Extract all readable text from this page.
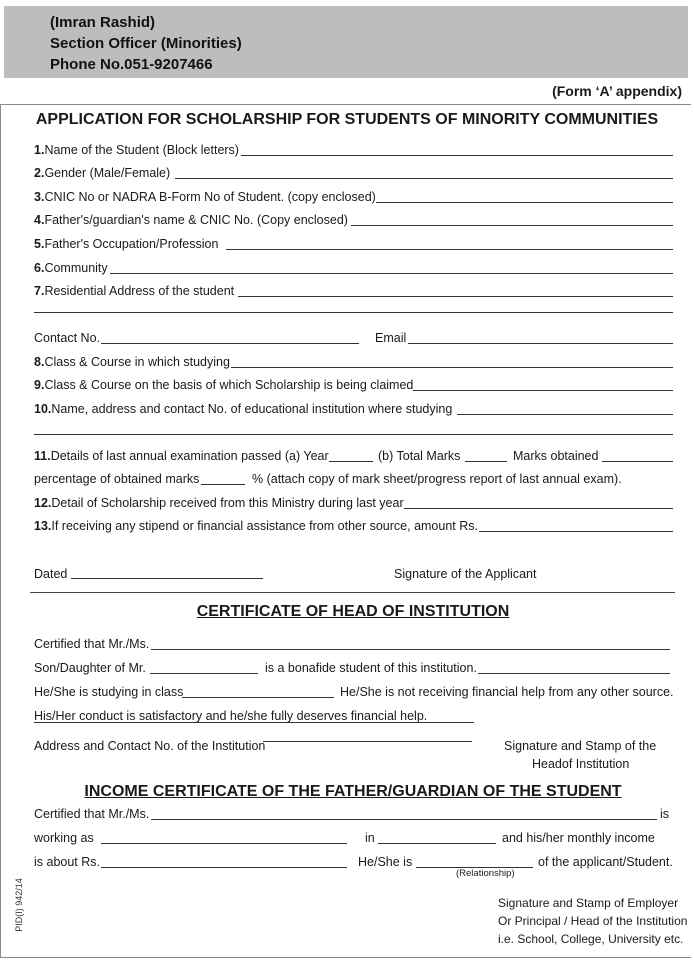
(Imran Rashid)
Section Officer (Minorities)
Phone No.051-9207466
(Form ‘A’ appendix)
APPLICATION FOR SCHOLARSHIP FOR STUDENTS OF MINORITY COMMUNITIES
1.Name of the Student (Block letters)
2.Gender (Male/Female)
3.CNIC No or NADRA B-Form No of Student. (copy enclosed)
4.Father's/guardian's name & CNIC No. (Copy enclosed)
5.Father's Occupation/Profession
6.Community
7.Residential Address of the student
Contact No.	Email
8.Class & Course in which studying
9.Class & Course on the basis of which Scholarship is being claimed
10.Name, address and contact No. of educational institution where studying
11.Details of last annual examination passed (a) Year	(b) Total Marks	Marks obtained
percentage of obtained marks	% (attach copy of mark sheet/progress report of last annual exam).
12.Detail of Scholarship received from this Ministry during last year
13.If receiving any stipend or financial assistance from other source, amount Rs.
Dated	Signature of the Applicant
CERTIFICATE OF HEAD OF INSTITUTION
Certified that Mr./Ms.
Son/Daughter of Mr.	is a bonafide student of this institution.
He/She is studying in class	He/She is not receiving financial help from any other source.
His/Her conduct is satisfactory and he/she fully deserves financial help.
Address and Contact No. of the Institution	Signature and Stamp of the
Headof Institution
INCOME CERTIFICATE OF THE FATHER/GUARDIAN OF THE STUDENT
Certified that Mr./Ms.	is
working as	in	and his/her monthly income
is about Rs.	He/She is
(Relationship)
of the applicant/Student.
Signature and Stamp of Employer
Or Principal / Head of the Institution
i.e. School, College, University etc.
PID(I) 942/14
